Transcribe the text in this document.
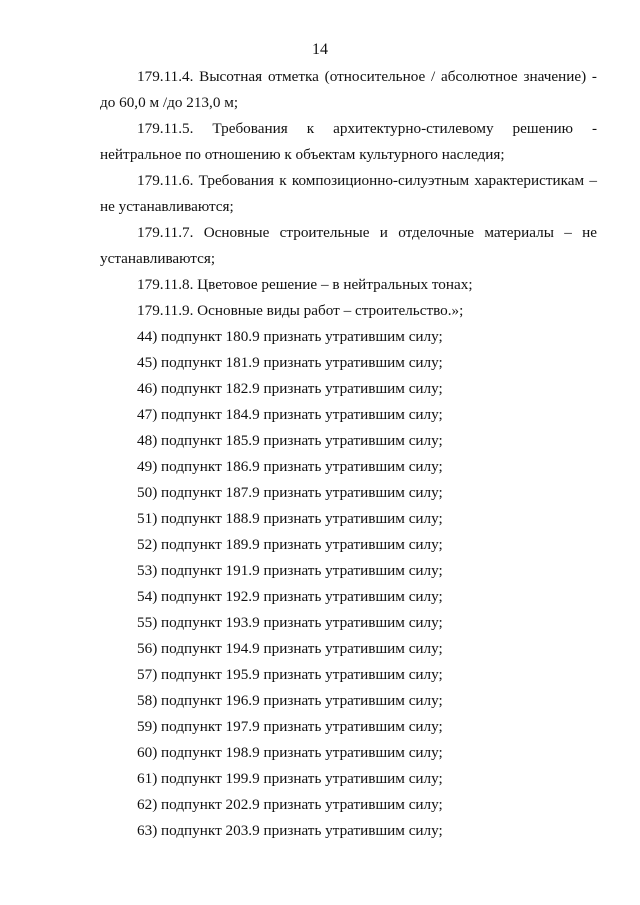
14

179.11.4. Высотная отметка (относительное / абсолютное значение) - до 60,0 м /до 213,0 м;

179.11.5. Требования к архитектурно-стилевому решению - нейтральное по отношению к объектам культурного наследия;

179.11.6. Требования к композиционно-силуэтным характеристикам – не устанавливаются;

179.11.7. Основные строительные и отделочные материалы – не устанавливаются;

179.11.8. Цветовое решение – в нейтральных тонах;

179.11.9. Основные виды работ – строительство.»;

44) подпункт 180.9 признать утратившим силу;

45) подпункт 181.9 признать утратившим силу;

46) подпункт 182.9 признать утратившим силу;

47) подпункт 184.9 признать утратившим силу;

48) подпункт 185.9 признать утратившим силу;

49) подпункт 186.9 признать утратившим силу;

50) подпункт 187.9 признать утратившим силу;

51) подпункт 188.9 признать утратившим силу;

52) подпункт 189.9 признать утратившим силу;

53) подпункт 191.9 признать утратившим силу;

54) подпункт 192.9 признать утратившим силу;

55) подпункт 193.9 признать утратившим силу;

56) подпункт 194.9 признать утратившим силу;

57) подпункт 195.9 признать утратившим силу;

58) подпункт 196.9 признать утратившим силу;

59) подпункт 197.9 признать утратившим силу;

60) подпункт 198.9 признать утратившим силу;

61) подпункт 199.9 признать утратившим силу;

62) подпункт 202.9 признать утратившим силу;

63) подпункт 203.9 признать утратившим силу;
